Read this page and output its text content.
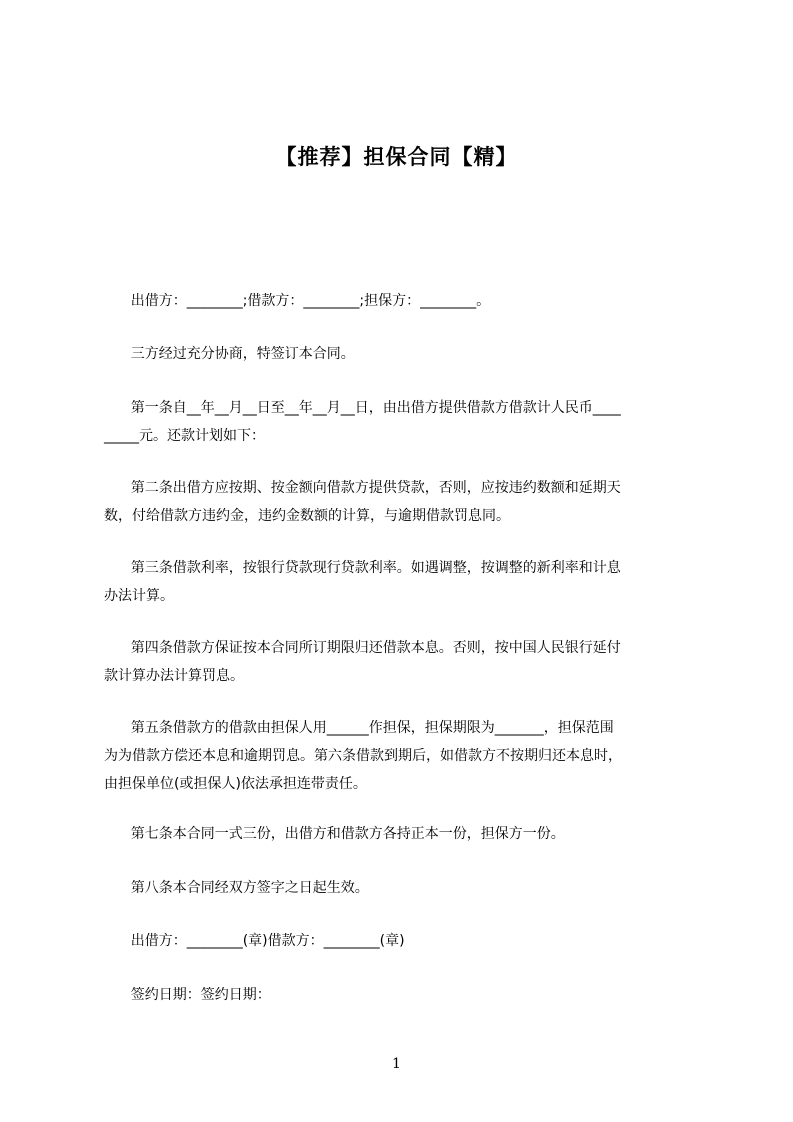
【推荐】担保合同【精】
出借方：________;借款方：________;担保方：________。
三方经过充分协商，特签订本合同。
第一条自__年__月__日至__年__月__日，由出借方提供借款方借款计人民币____
_____元。还款计划如下：
第二条出借方应按期、按金额向借款方提供贷款，否则，应按违约数额和延期天
数，付给借款方违约金，违约金数额的计算，与逾期借款罚息同。
第三条借款利率，按银行贷款现行贷款利率。如遇调整，按调整的新利率和计息
办法计算。
第四条借款方保证按本合同所订期限归还借款本息。否则，按中国人民银行延付
款计算办法计算罚息。
第五条借款方的借款由担保人用______作担保，担保期限为_______，担保范围
为为借款方偿还本息和逾期罚息。第六条借款到期后，如借款方不按期归还本息时，
由担保单位(或担保人)依法承担连带责任。
第七条本合同一式三份，出借方和借款方各持正本一份，担保方一份。
第八条本合同经双方签字之日起生效。
出借方：________(章)借款方：________(章)
签约日期：签约日期：
1
